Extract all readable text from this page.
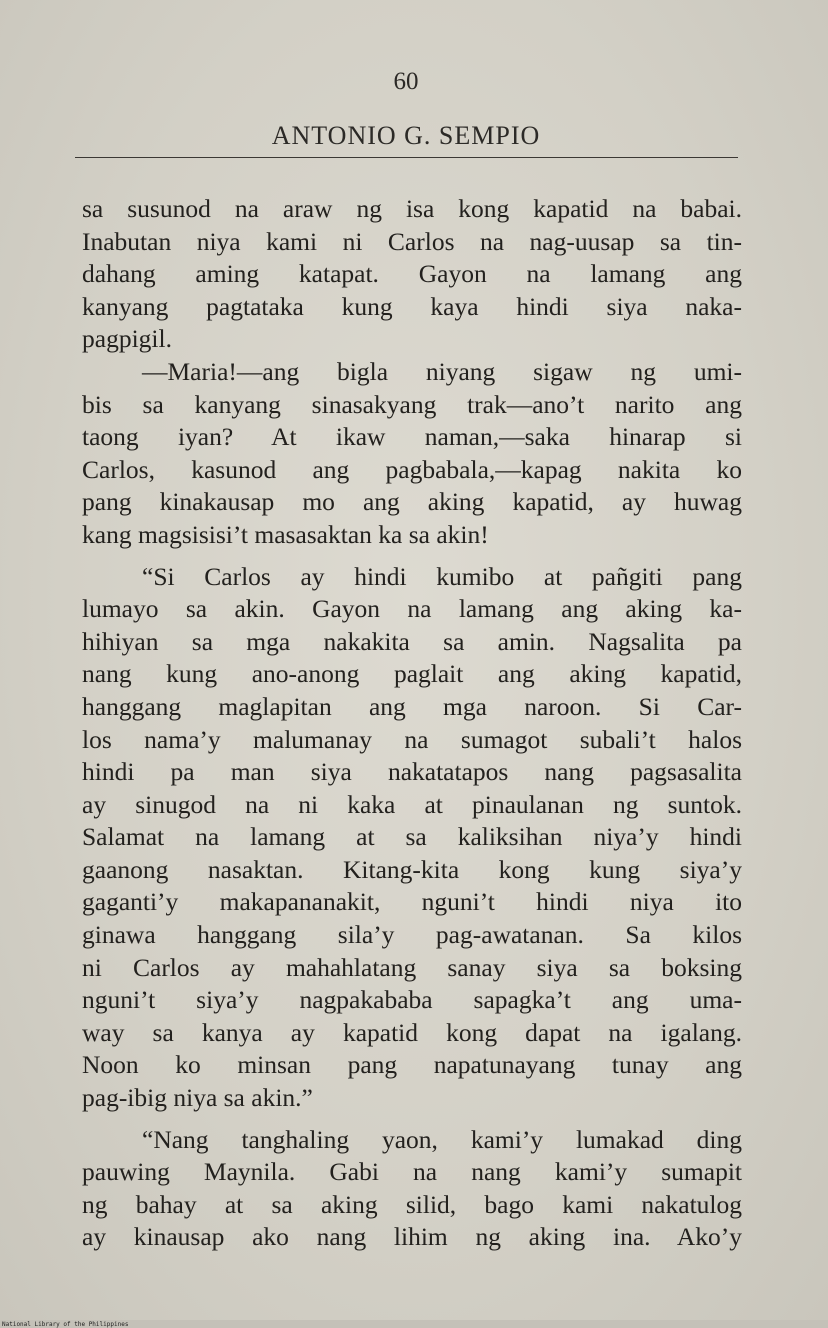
60
ANTONIO G. SEMPIO
sa susunod na araw ng isa kong kapatid na babai.
Inabutan niya kami ni Carlos na nag-uusap sa tin-
dahang aming katapat. Gayon na lamang ang
kanyang pagtataka kung kaya hindi siya naka-
pagpigil.
—Maria!—ang bigla niyang sigaw ng umi-
bis sa kanyang sinasakyang trak—ano’t narito ang
taong iyan? At ikaw naman,—saka hinarap si
Carlos, kasunod ang pagbabala,—kapag nakita ko
pang kinakausap mo ang aking kapatid, ay huwag
kang magsisisi’t masasaktan ka sa akin!
“Si Carlos ay hindi kumibo at pañgiti pang
lumayo sa akin. Gayon na lamang ang aking ka-
hihiyan sa mga nakakita sa amin. Nagsalita pa
nang kung ano-anong paglait ang aking kapatid,
hanggang maglapitan ang mga naroon. Si Car-
los nama’y malumanay na sumagot subali’t halos
hindi pa man siya nakatatapos nang pagsasalita
ay sinugod na ni kaka at pinaulanan ng suntok.
Salamat na lamang at sa kaliksihan niya’y hindi
gaanong nasaktan. Kitang-kita kong kung siya’y
gaganti’y makapananakit, nguni’t hindi niya ito
ginawa hanggang sila’y pag-awatanan. Sa kilos
ni Carlos ay mahahlatang sanay siya sa boksing
nguni’t siya’y nagpakababa sapagka’t ang uma-
way sa kanya ay kapatid kong dapat na igalang.
Noon ko minsan pang napatunayang tunay ang
pag-ibig niya sa akin.”
“Nang tanghaling yaon, kami’y lumakad ding
pauwing Maynila. Gabi na nang kami’y sumapit
ng bahay at sa aking silid, bago kami nakatulog
ay kinausap ako nang lihim ng aking ina. Ako’y
National Library of the Philippines
